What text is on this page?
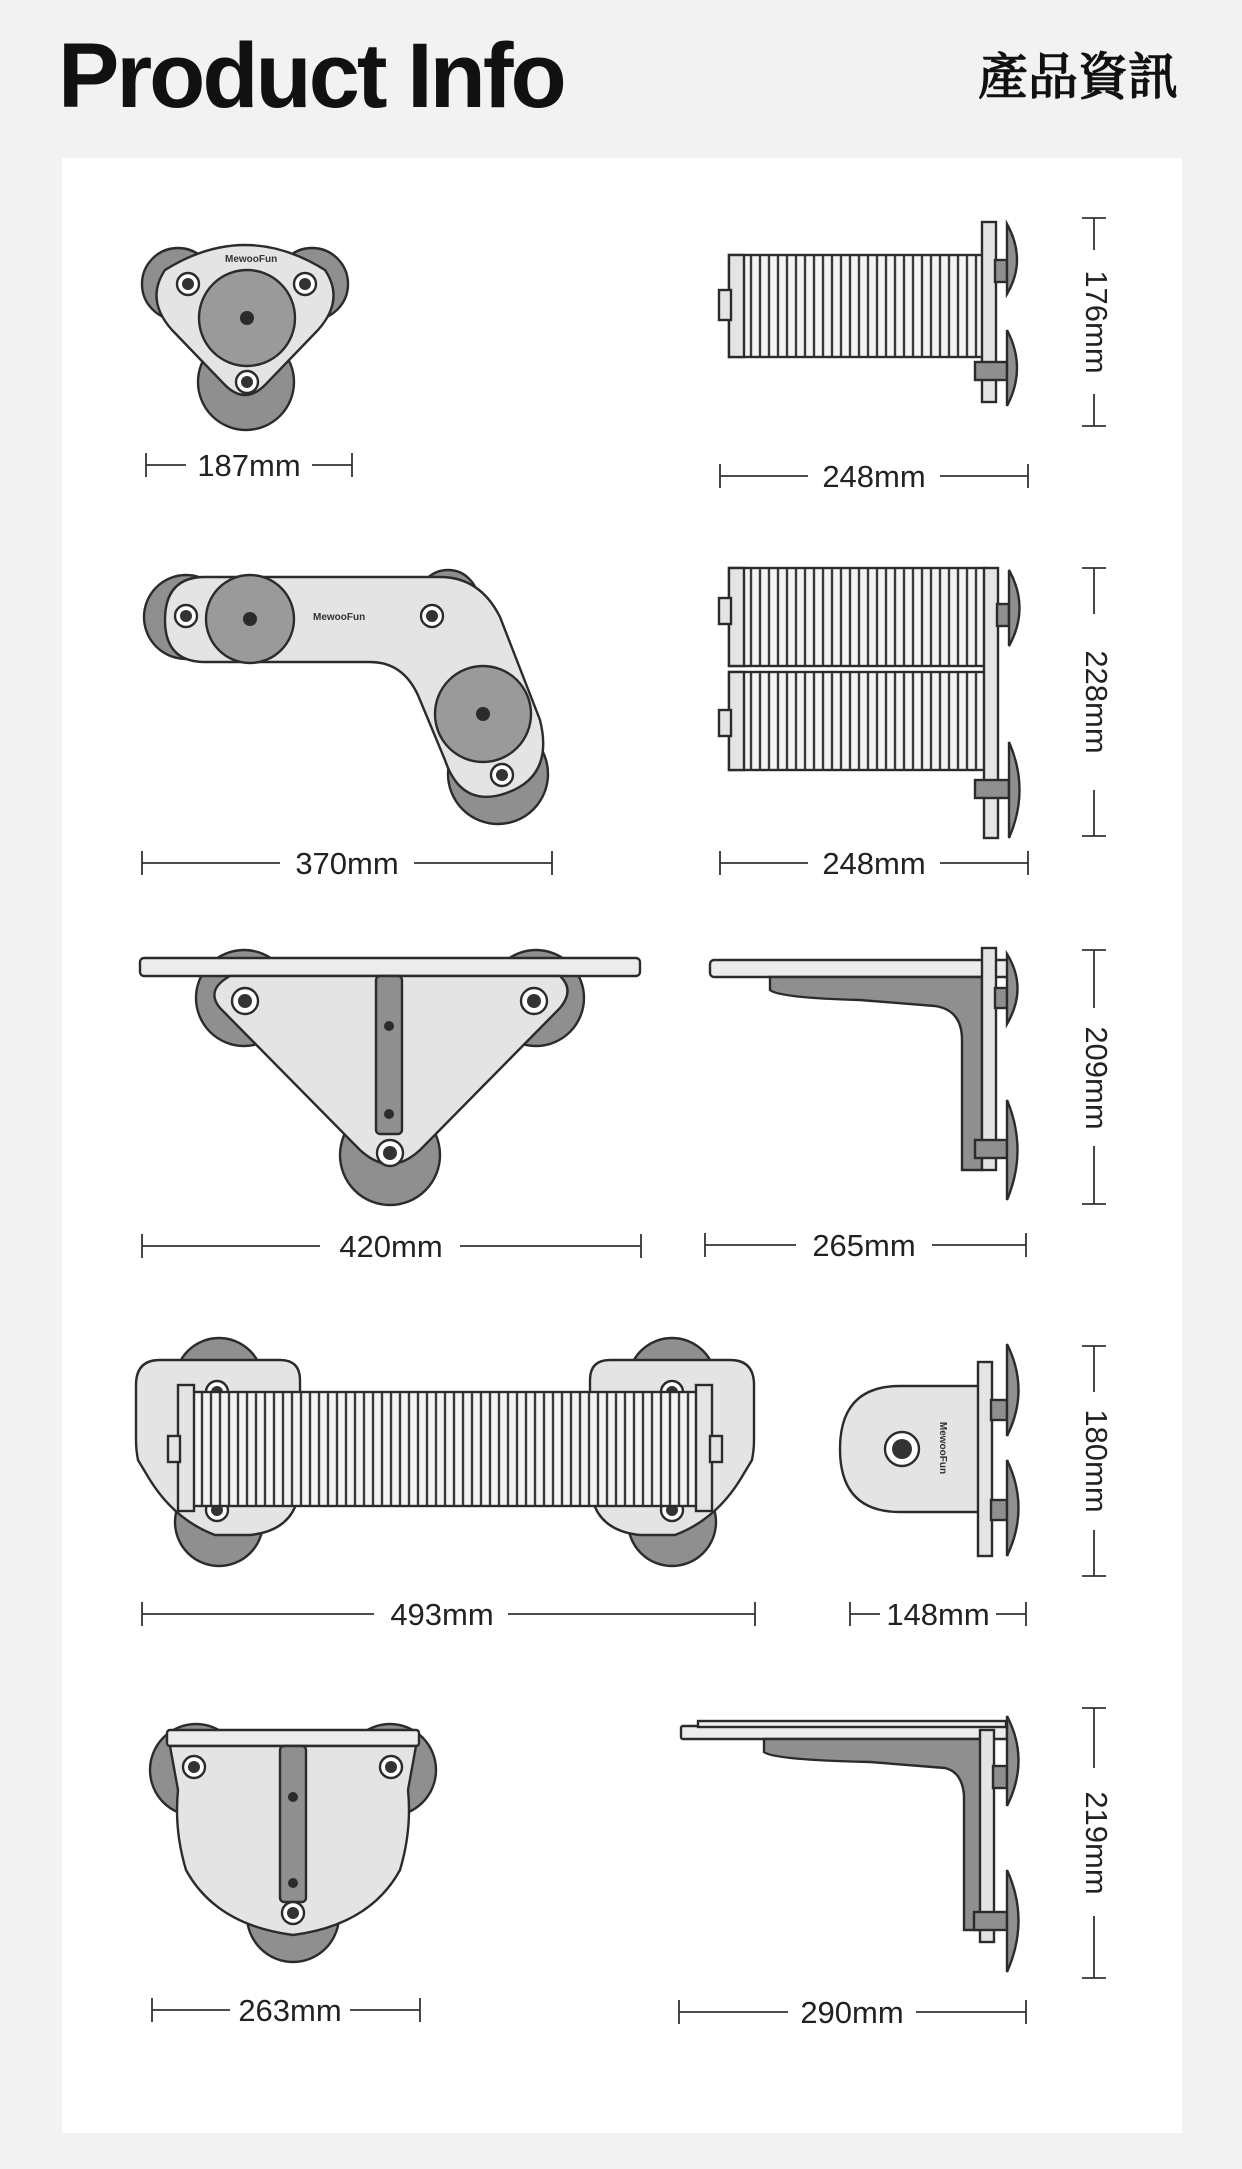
Product Info	產品資訊
MewooFun
187mm	248mm
176mm
MewooFun
370mm	248mm
228mm
420mm	265mm
209mm
MewooFun
493mm	148mm
180mm
263mm	290mm
219mm
